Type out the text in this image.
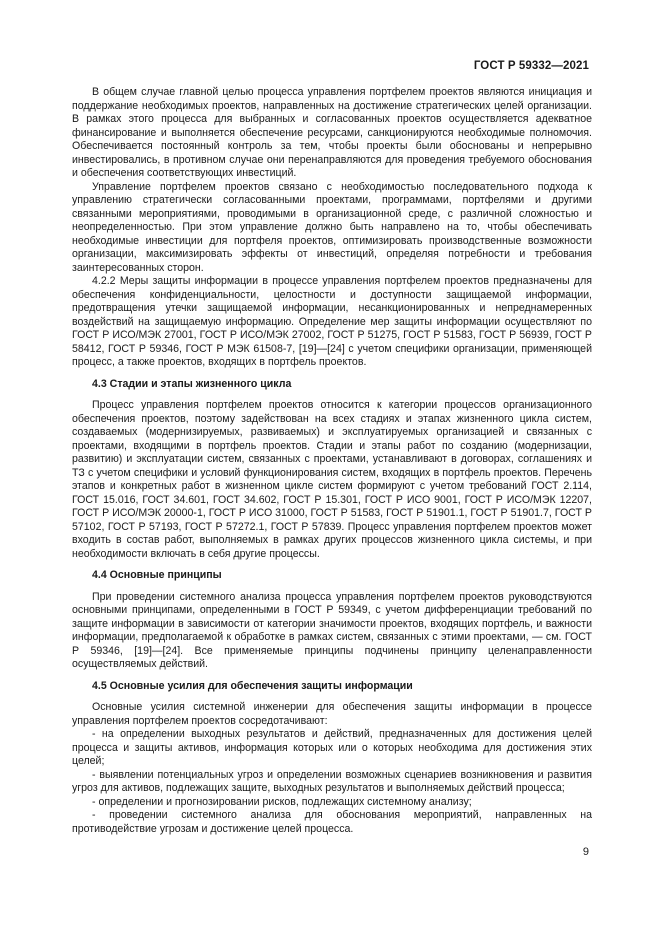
ГОСТ Р 59332—2021

В общем случае главной целью процесса управления портфелем проектов являются инициация и поддержание необходимых проектов, направленных на достижение стратегических целей организации. В рамках этого процесса для выбранных и согласованных проектов осуществляется адекватное финансирование и выполняется обеспечение ресурсами, санкционируются необходимые полномочия. Обеспечивается постоянный контроль за тем, чтобы проекты были обоснованы и непрерывно инвестировались, в противном случае они перенаправляются для проведения требуемого обоснования и обеспечения соответствующих инвестиций.

Управление портфелем проектов связано с необходимостью последовательного подхода к управлению стратегически согласованными проектами, программами, портфелями и другими связанными мероприятиями, проводимыми в организационной среде, с различной сложностью и неопределенностью. При этом управление должно быть направлено на то, чтобы обеспечивать необходимые инвестиции для портфеля проектов, оптимизировать производственные возможности организации, максимизировать эффекты от инвестиций, определяя потребности и требования заинтересованных сторон.

4.2.2 Меры защиты информации в процессе управления портфелем проектов предназначены для обеспечения конфиденциальности, целостности и доступности защищаемой информации, предотвращения утечки защищаемой информации, несанкционированных и непреднамеренных воздействий на защищаемую информацию. Определение мер защиты информации осуществляют по ГОСТ Р ИСО/МЭК 27001, ГОСТ Р ИСО/МЭК 27002, ГОСТ Р 51275, ГОСТ Р 51583, ГОСТ Р 56939, ГОСТ Р 58412, ГОСТ Р 59346, ГОСТ Р МЭК 61508-7, [19]—[24] с учетом специфики организации, применяющей процесс, а также проектов, входящих в портфель проектов.

4.3 Стадии и этапы жизненного цикла

Процесс управления портфелем проектов относится к категории процессов организационного обеспечения проектов, поэтому задействован на всех стадиях и этапах жизненного цикла систем, создаваемых (модернизируемых, развиваемых) и эксплуатируемых организацией и связанных с проектами, входящими в портфель проектов. Стадии и этапы работ по созданию (модернизации, развитию) и эксплуатации систем, связанных с проектами, устанавливают в договорах, соглашениях и ТЗ с учетом специфики и условий функционирования систем, входящих в портфель проектов. Перечень этапов и конкретных работ в жизненном цикле систем формируют с учетом требований ГОСТ 2.114, ГОСТ 15.016, ГОСТ 34.601, ГОСТ 34.602, ГОСТ Р 15.301, ГОСТ Р ИСО 9001, ГОСТ Р ИСО/МЭК 12207, ГОСТ Р ИСО/МЭК 20000-1, ГОСТ Р ИСО 31000, ГОСТ Р 51583, ГОСТ Р 51901.1, ГОСТ Р 51901.7, ГОСТ Р 57102, ГОСТ Р 57193, ГОСТ Р 57272.1, ГОСТ Р 57839. Процесс управления портфелем проектов может входить в состав работ, выполняемых в рамках других процессов жизненного цикла системы, и при необходимости включать в себя другие процессы.

4.4 Основные принципы

При проведении системного анализа процесса управления портфелем проектов руководствуются основными принципами, определенными в ГОСТ Р 59349, с учетом дифференциации требований по защите информации в зависимости от категории значимости проектов, входящих портфель, и важности информации, предполагаемой к обработке в рамках систем, связанных с этими проектами, — см. ГОСТ Р 59346, [19]—[24]. Все применяемые принципы подчинены принципу целенаправленности осуществляемых действий.

4.5 Основные усилия для обеспечения защиты информации

Основные усилия системной инженерии для обеспечения защиты информации в процессе управления портфелем проектов сосредотачивают:

- на определении выходных результатов и действий, предназначенных для достижения целей процесса и защиты активов, информация которых или о которых необходима для достижения этих целей;

- выявлении потенциальных угроз и определении возможных сценариев возникновения и развития угроз для активов, подлежащих защите, выходных результатов и выполняемых действий процесса;

- определении и прогнозировании рисков, подлежащих системному анализу;

- проведении системного анализа для обоснования мероприятий, направленных на противодействие угрозам и достижение целей процесса.

9
